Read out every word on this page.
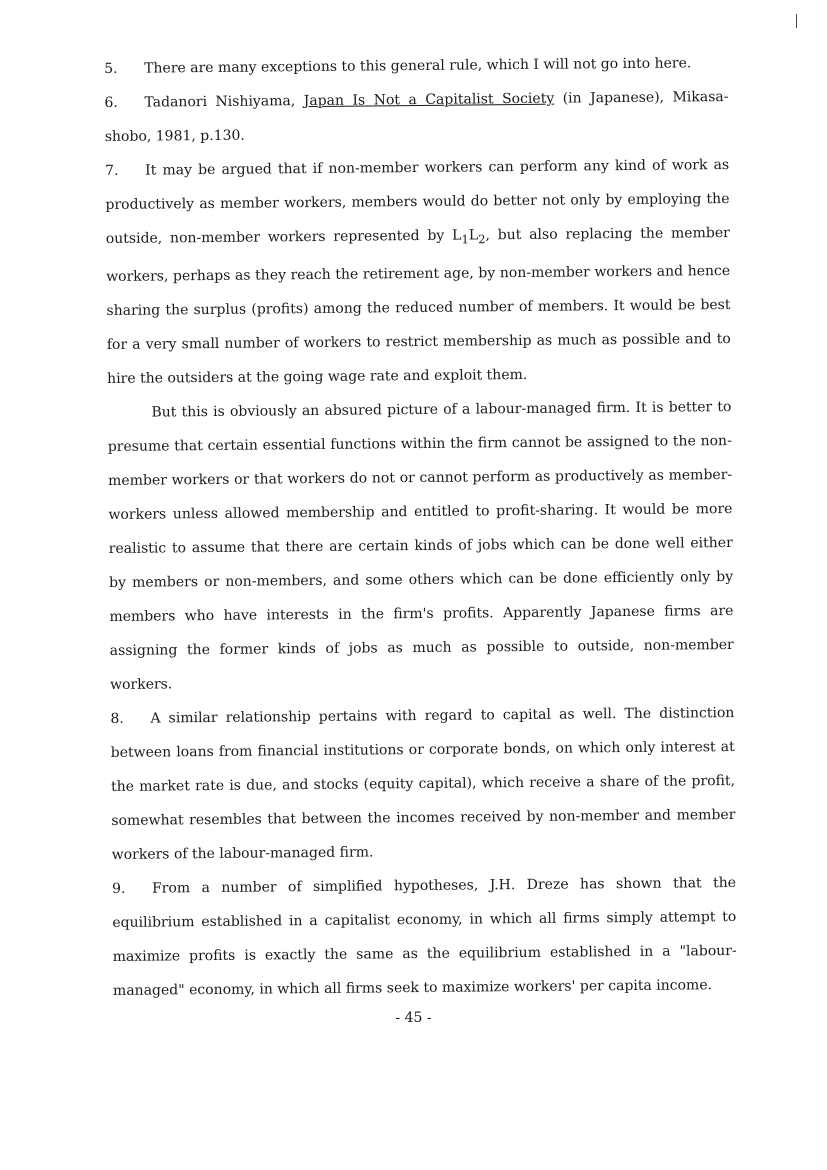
5. There are many exceptions to this general rule, which I will not go into here.

6. Tadanori Nishiyama, Japan Is Not a Capitalist Society (in Japanese), Mikasa-shobo, 1981, p.130.

7. It may be argued that if non-member workers can perform any kind of work as productively as member workers, members would do better not only by employing the outside, non-member workers represented by $L_1L_2$, but also replacing the member workers, perhaps as they reach the retirement age, by non-member workers and hence sharing the surplus (profits) among the reduced number of members. It would be best for a very small number of workers to restrict membership as much as possible and to hire the outsiders at the going wage rate and exploit them.

But this is obviously an absured picture of a labour-managed firm. It is better to presume that certain essential functions within the firm cannot be assigned to the non-member workers or that workers do not or cannot perform as productively as member-workers unless allowed membership and entitled to profit-sharing. It would be more realistic to assume that there are certain kinds of jobs which can be done well either by members or non-members, and some others which can be done efficiently only by members who have interests in the firm's profits. Apparently Japanese firms are assigning the former kinds of jobs as much as possible to outside, non-member workers.

8. A similar relationship pertains with regard to capital as well. The distinction between loans from financial institutions or corporate bonds, on which only interest at the market rate is due, and stocks (equity capital), which receive a share of the profit, somewhat resembles that between the incomes received by non-member and member workers of the labour-managed firm.

9. From a number of simplified hypotheses, J.H. Dreze has shown that the equilibrium established in a capitalist economy, in which all firms simply attempt to maximize profits is exactly the same as the equilibrium established in a "labour-managed" economy, in which all firms seek to maximize workers' per capita income.

- 45 -
